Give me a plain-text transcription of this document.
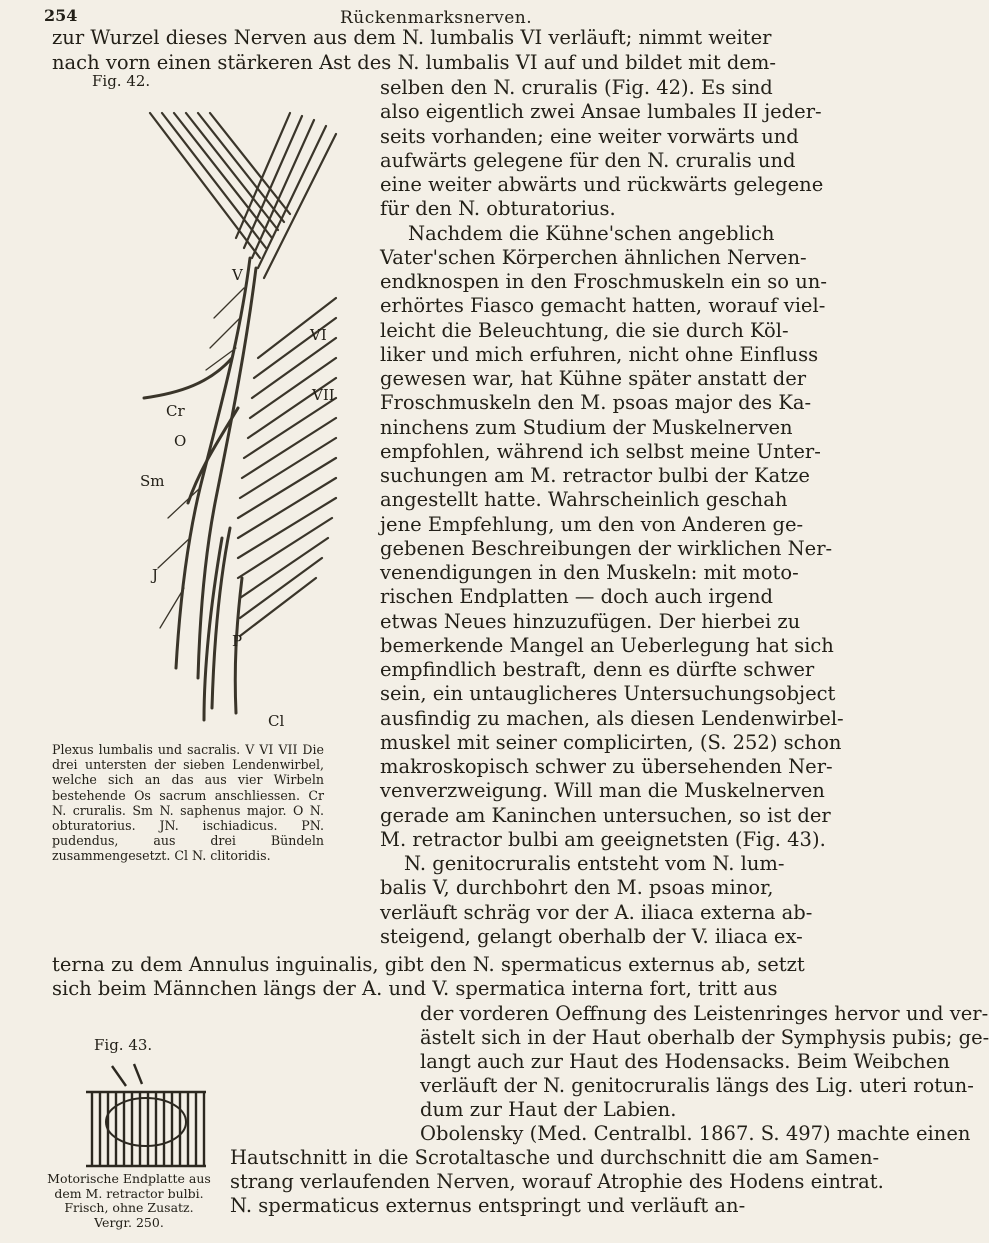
254	Rückenmarksnerven.
zur Wurzel dieses Nerven aus dem N. lumbalis VI verläuft; nimmt weiter
nach vorn einen stärkeren Ast des N. lumbalis VI auf und bildet mit dem-
Fig. 42.
V
VI
VII
Cr
O
Sm
J
P
Cl
Plexus lumbalis und sacralis. V VI VII Die drei untersten der sieben Lendenwirbel, welche sich an das aus vier Wirbeln bestehende Os sacrum anschliessen. Cr N. cruralis. Sm N. saphenus major. O N. obturatorius. JN. ischiadicus. PN. pudendus, aus drei Bündeln zusammengesetzt. Cl N. clitoridis.
selben den N. cruralis (Fig. 42). Es sind
also eigentlich zwei Ansae lumbales II jeder-
seits vorhanden; eine weiter vorwärts und
aufwärts gelegene für den N. cruralis und
eine weiter abwärts und rückwärts gelegene
für den N. obturatorius.
Nachdem die Kühne'schen angeblich
Vater'schen Körperchen ähnlichen Nerven-
endknospen in den Froschmuskeln ein so un-
erhörtes Fiasco gemacht hatten, worauf viel-
leicht die Beleuchtung, die sie durch Köl-
liker und mich erfuhren, nicht ohne Einfluss
gewesen war, hat Kühne später anstatt der
Froschmuskeln den M. psoas major des Ka-
ninchens zum Studium der Muskelnerven
empfohlen, während ich selbst meine Unter-
suchungen am M. retractor bulbi der Katze
angestellt hatte. Wahrscheinlich geschah
jene Empfehlung, um den von Anderen ge-
gebenen Beschreibungen der wirklichen Ner-
venendigungen in den Muskeln: mit moto-
rischen Endplatten — doch auch irgend
etwas Neues hinzuzufügen. Der hierbei zu
bemerkende Mangel an Ueberlegung hat sich
empfindlich bestraft, denn es dürfte schwer
sein, ein untauglicheres Untersuchungsobject
ausfindig zu machen, als diesen Lendenwirbel-
muskel mit seiner complicirten, (S. 252) schon
makroskopisch schwer zu übersehenden Ner-
venverzweigung. Will man die Muskelnerven
gerade am Kaninchen untersuchen, so ist der
M. retractor bulbi am geeignetsten (Fig. 43).
N. genitocruralis entsteht vom N. lum-
balis V, durchbohrt den M. psoas minor,
verläuft schräg vor der A. iliaca externa ab-
steigend, gelangt oberhalb der V. iliaca ex-
terna zu dem Annulus inguinalis, gibt den N. spermaticus externus ab, setzt
sich beim Männchen längs der A. und V. spermatica interna fort, tritt aus
Fig. 43.
Motorische Endplatte aus
dem M. retractor bulbi.
Frisch, ohne Zusatz.
Vergr. 250.
der vorderen Oeffnung des Leistenringes hervor und ver-
ästelt sich in der Haut oberhalb der Symphysis pubis; ge-
langt auch zur Haut des Hodensacks. Beim Weibchen
verläuft der N. genitocruralis längs des Lig. uteri rotun-
dum zur Haut der Labien.
Obolensky (Med. Centralbl. 1867. S. 497) machte einen
Hautschnitt in die Scrotaltasche und durchschnitt die am Samen-
strang verlaufenden Nerven, worauf Atrophie des Hodens eintrat.
N. spermaticus externus entspringt und verläuft an-
